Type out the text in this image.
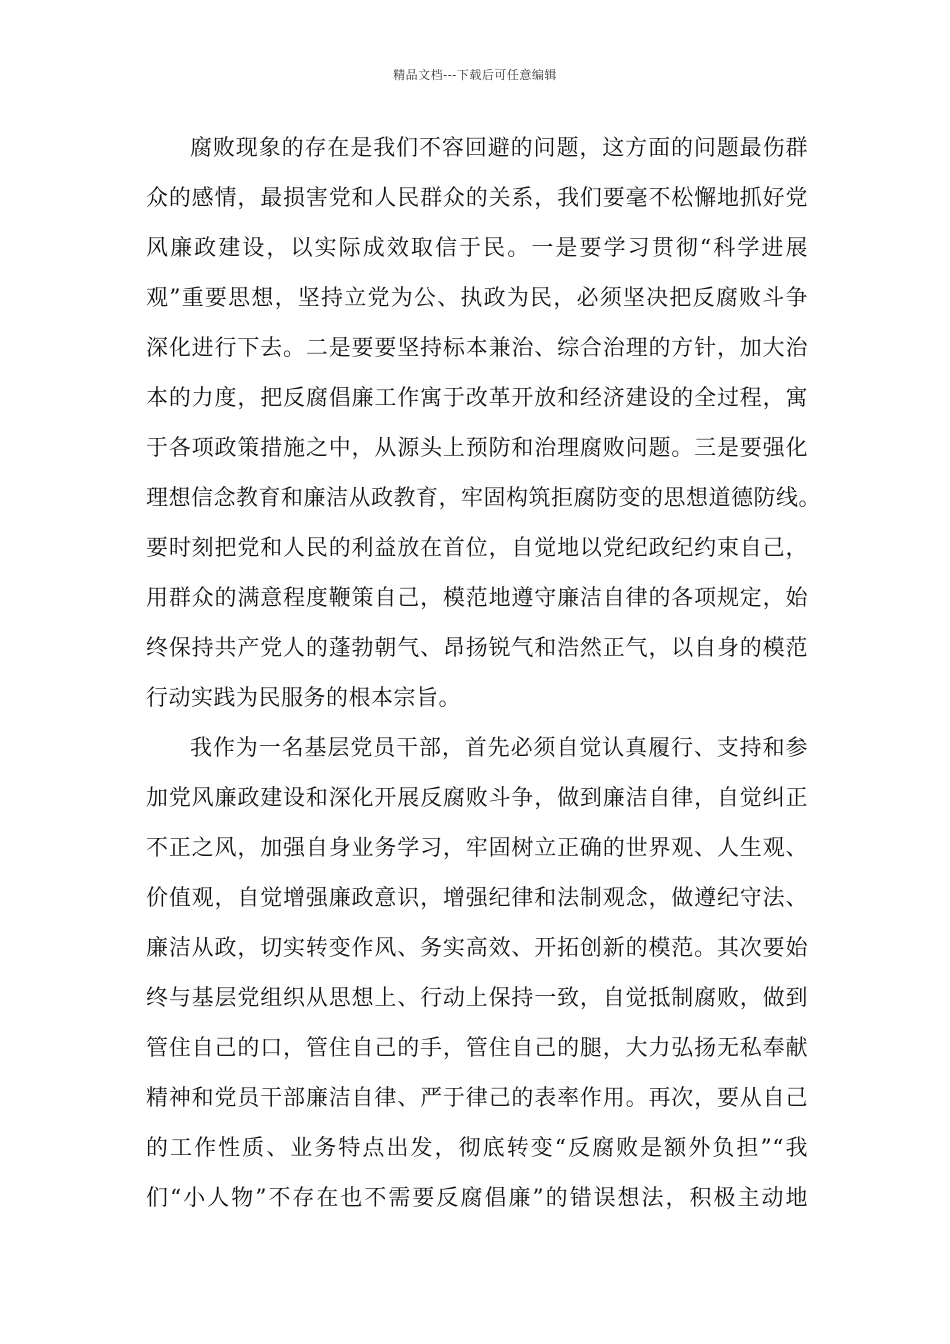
精品文档---下载后可任意编辑
腐败现象的存在是我们不容回避的问题，这方面的问题最伤群
众的感情，最损害党和人民群众的关系，我们要毫不松懈地抓好党
风廉政建设，以实际成效取信于民。一是要学习贯彻“科学进展
观”重要思想，坚持立党为公、执政为民，必须坚决把反腐败斗争
深化进行下去。二是要要坚持标本兼治、综合治理的方针，加大治
本的力度，把反腐倡廉工作寓于改革开放和经济建设的全过程，寓
于各项政策措施之中，从源头上预防和治理腐败问题。三是要强化
理想信念教育和廉洁从政教育，牢固构筑拒腐防变的思想道德防线。
要时刻把党和人民的利益放在首位，自觉地以党纪政纪约束自己，
用群众的满意程度鞭策自己，模范地遵守廉洁自律的各项规定，始
终保持共产党人的蓬勃朝气、昂扬锐气和浩然正气，以自身的模范
行动实践为民服务的根本宗旨。
我作为一名基层党员干部，首先必须自觉认真履行、支持和参
加党风廉政建设和深化开展反腐败斗争，做到廉洁自律，自觉纠正
不正之风，加强自身业务学习，牢固树立正确的世界观、人生观、
价值观，自觉增强廉政意识，增强纪律和法制观念，做遵纪守法、
廉洁从政，切实转变作风、务实高效、开拓创新的模范。其次要始
终与基层党组织从思想上、行动上保持一致，自觉抵制腐败，做到
管住自己的口，管住自己的手，管住自己的腿，大力弘扬无私奉献
精神和党员干部廉洁自律、严于律己的表率作用。再次，要从自己
的工作性质、业务特点出发，彻底转变“反腐败是额外负担”“我
们“小人物”不存在也不需要反腐倡廉”的错误想法，积极主动地
